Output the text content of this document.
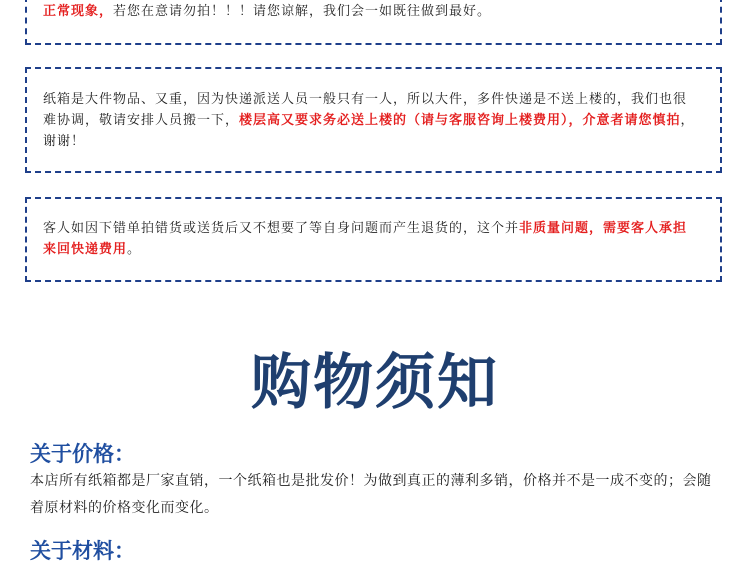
正常现象，若您在意请勿拍！！！请您谅解，我们会一如既往做到最好。

纸箱是大件物品、又重，因为快递派送人员一般只有一人，所以大件，多件快递是不送上楼的，我们也很难协调，敬请安排人员搬一下，楼层高又要求务必送上楼的（请与客服咨询上楼费用），介意者请您慎拍，谢谢！

客人如因下错单拍错货或送货后又不想要了等自身问题而产生退货的，这个并非质量问题，需要客人承担来回快递费用。

购物须知
关于价格：

本店所有纸箱都是厂家直销，一个纸箱也是批发价！为做到真正的薄利多销，价格并不是一成不变的；会随着原材料的价格变化而变化。

关于材料：
